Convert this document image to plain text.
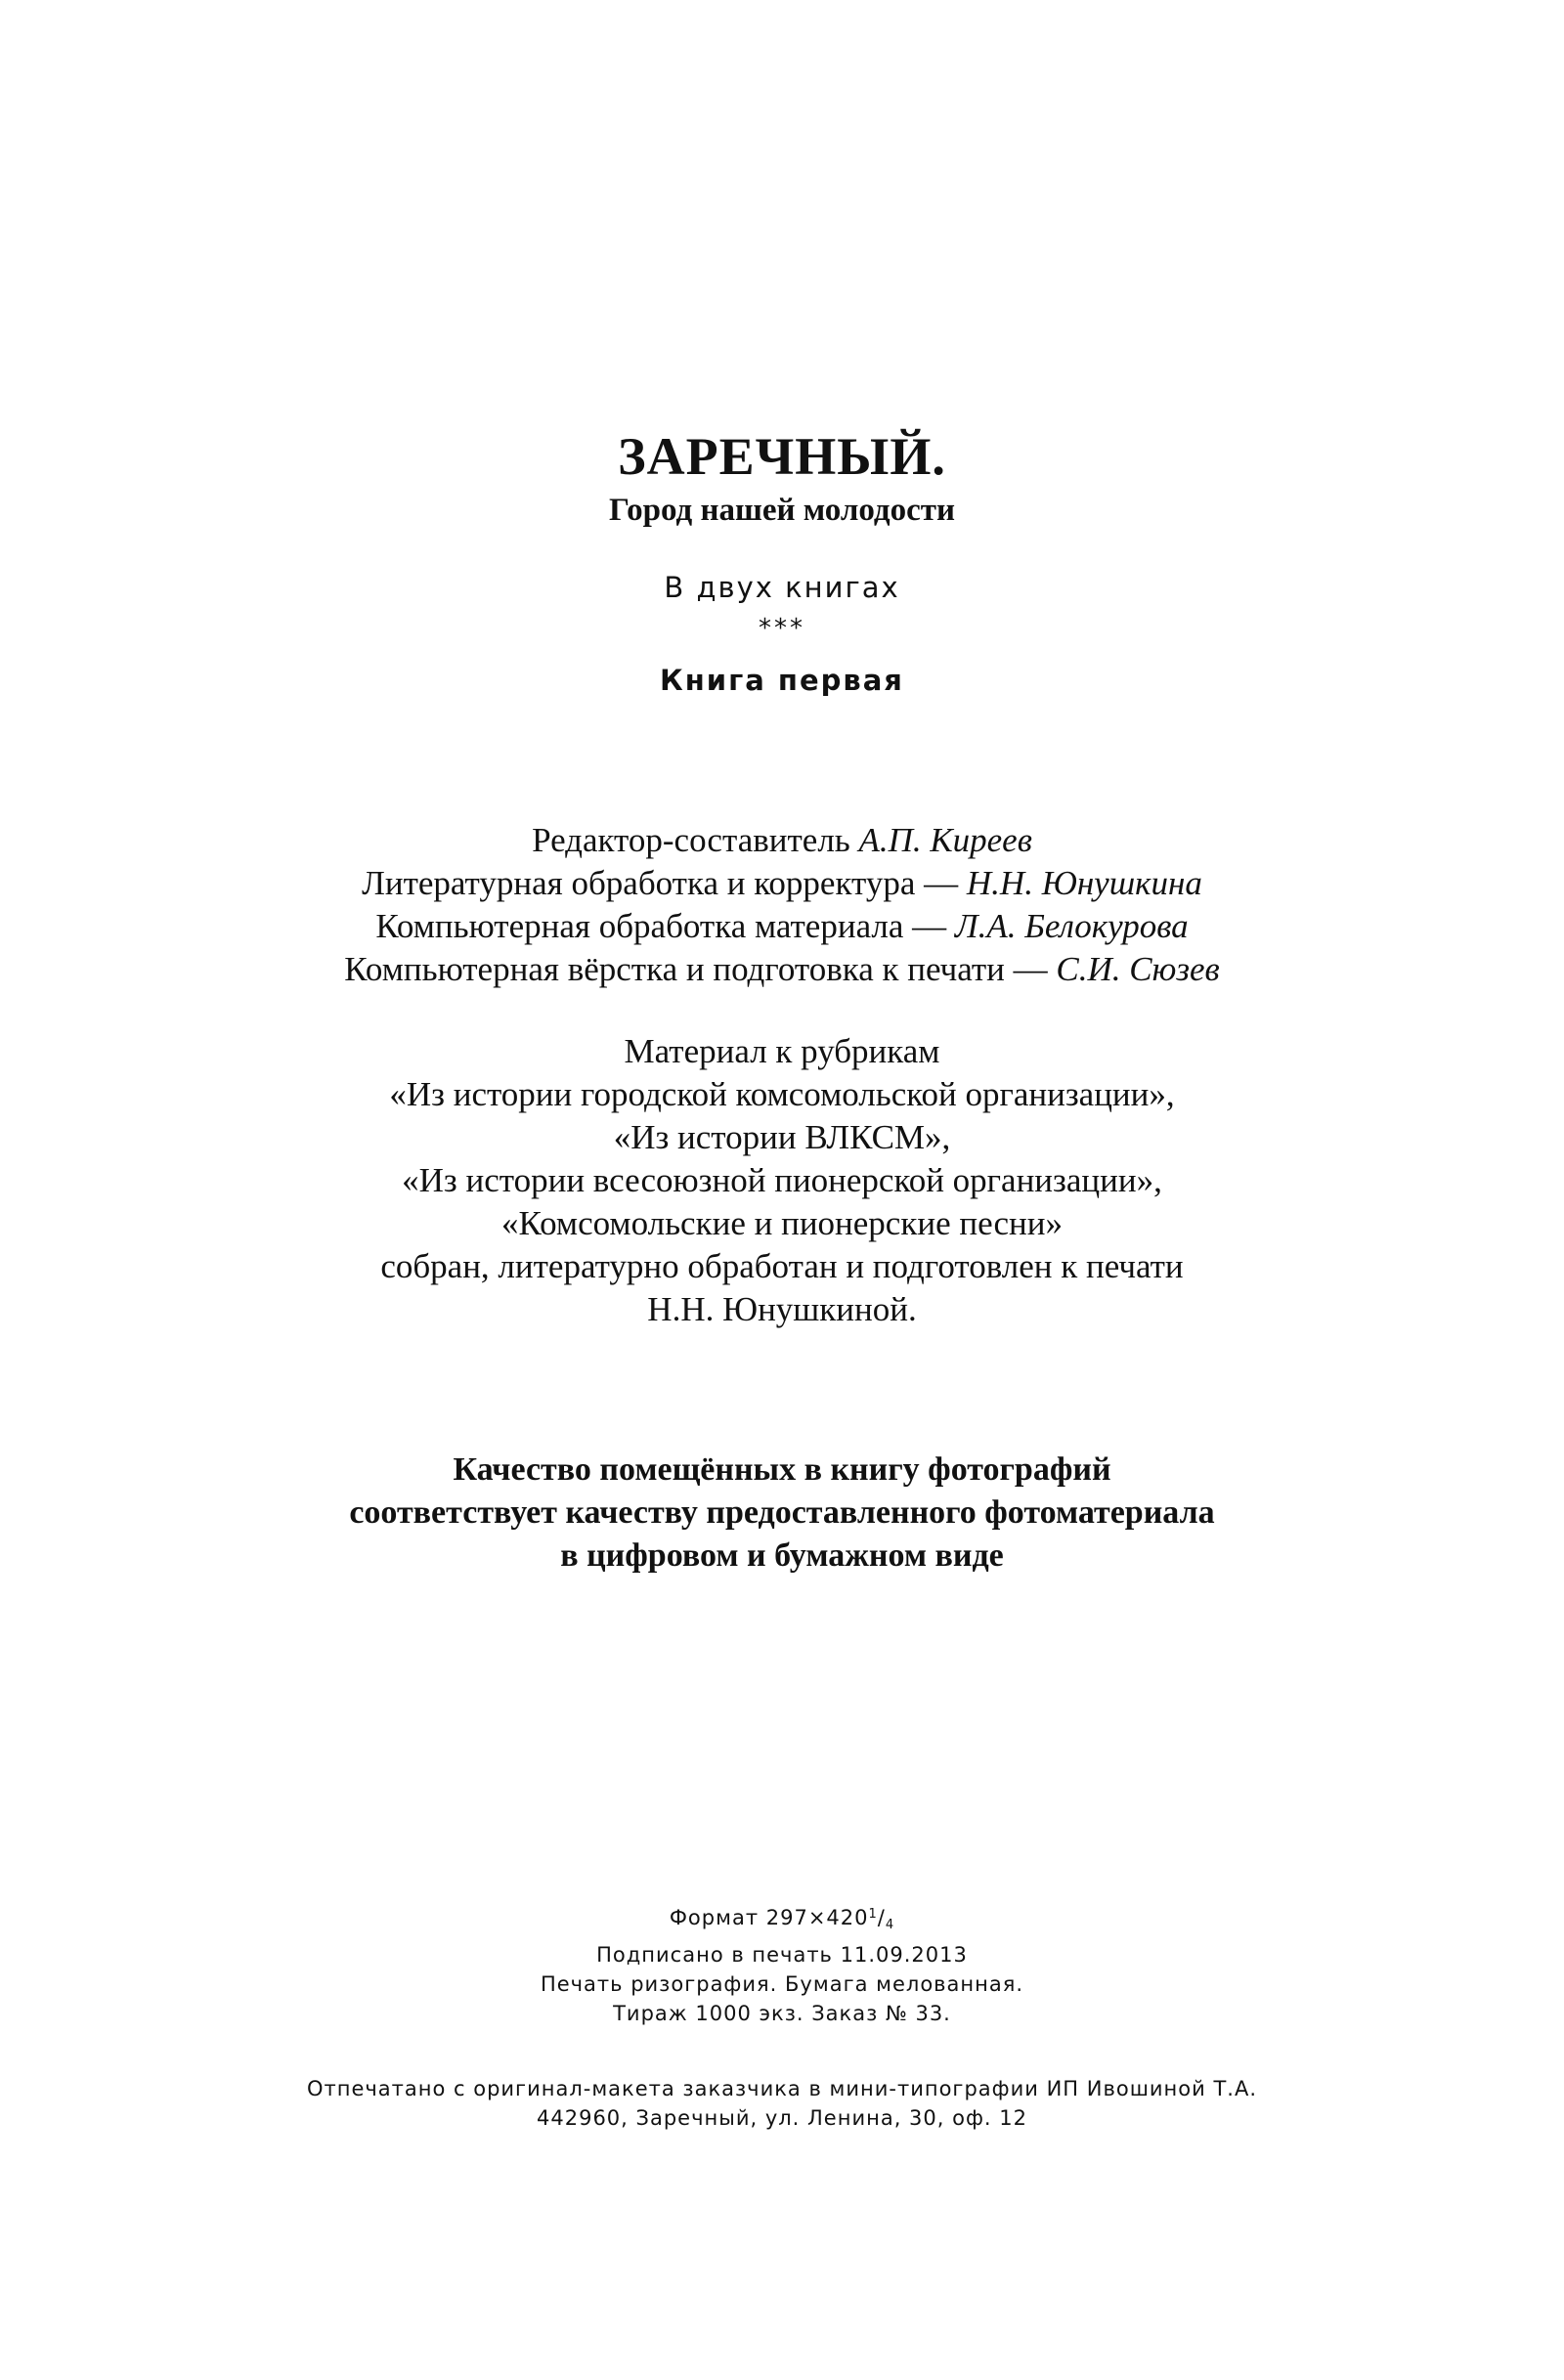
ЗАРЕЧНЫЙ.
Город нашей молодости
В двух книгах
***
Книга первая
Редактор-составитель А.П. Киреев
Литературная обработка и корректура — Н.Н. Юнушкина
Компьютерная обработка материала — Л.А. Белокурова
Компьютерная вёрстка и подготовка к печати — С.И. Сюзев
Материал к рубрикам
«Из истории городской комсомольской организации»,
«Из истории ВЛКСМ»,
«Из истории всесоюзной пионерской организации»,
«Комсомольские и пионерские песни»
собран, литературно обработан и подготовлен к печати
Н.Н. Юнушкиной.
Качество помещённых в книгу фотографий
соответствует качеству предоставленного фотоматериала
в цифровом и бумажном виде
Формат $297\times 420^1/_4$
Подписано в печать 11.09.2013
Печать ризография. Бумага мелованная.
Тираж 1000 экз. Заказ № 33.
Отпечатано с оригинал-макета заказчика в мини-типографии ИП Ивошиной Т.А.
442960, Заречный, ул. Ленина, 30, оф. 12
